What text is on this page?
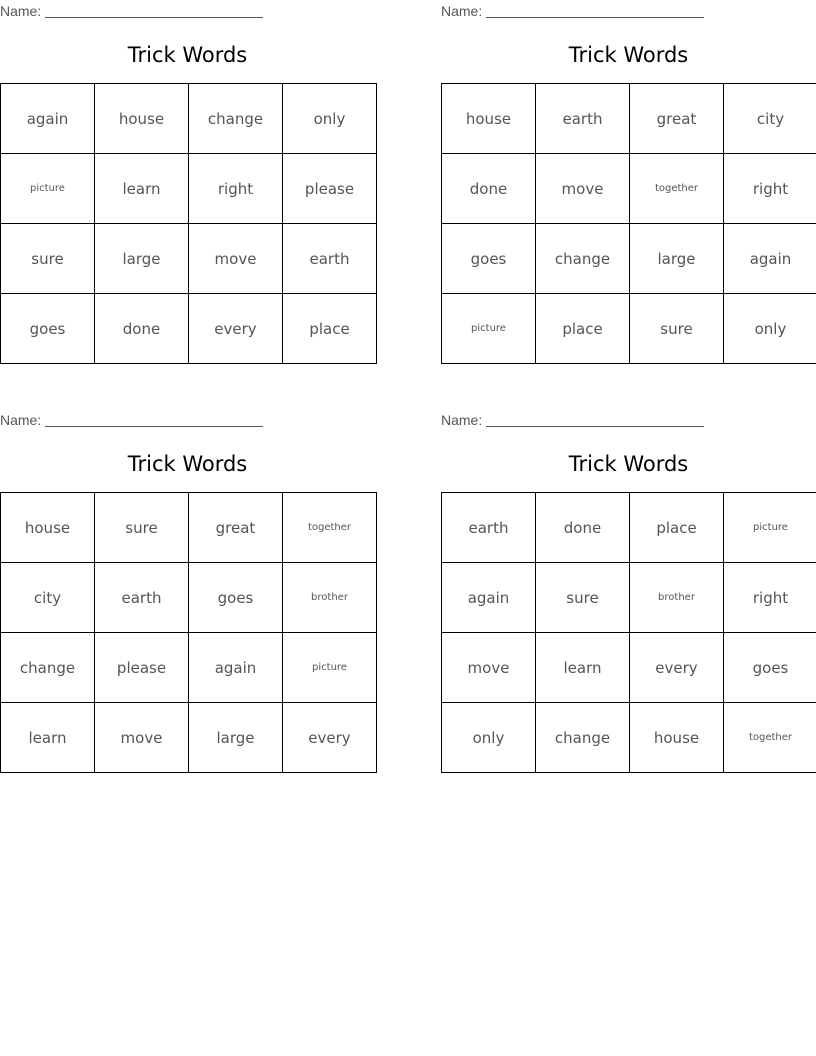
Name:
Trick Words
again	house	change	only
picture	learn	right	please
sure	large	move	earth
goes	done	every	place
Name:
Trick Words
house	earth	great	city
done	move	together	right
goes	change	large	again
picture	place	sure	only
Name:
Trick Words
house	sure	great	together
city	earth	goes	brother
change	please	again	picture
learn	move	large	every
Name:
Trick Words
earth	done	place	picture
again	sure	brother	right
move	learn	every	goes
only	change	house	together
